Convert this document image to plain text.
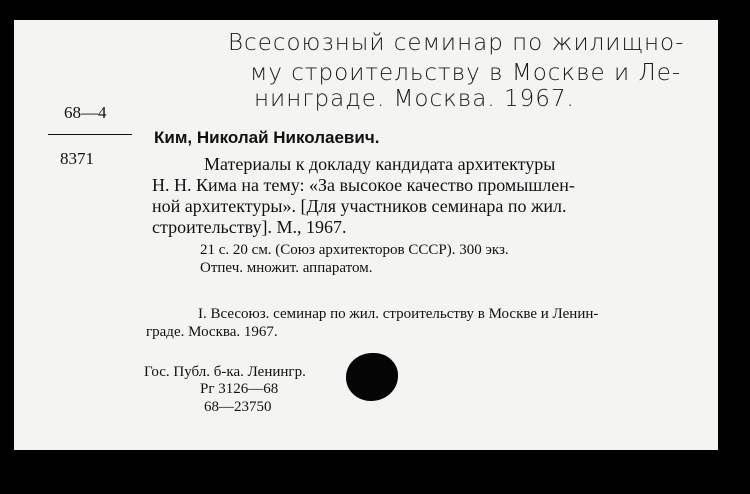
Всесоюзный семинар по жилищно-
му строительству в Москве и Ле-
нинграде. Москва. 1967.
68—4
8371
Ким, Николай Николаевич.
Материалы к докладу кандидата архитектуры
Н. Н. Кима на тему: «За высокое качество промышлен-
ной архитектуры». [Для участников семинара по жил.
строительству]. М., 1967.
21 с. 20 см. (Союз архитекторов СССР). 300 экз.
Отпеч. множит. аппаратом.
I. Всесоюз. семинар по жил. строительству в Москве и Ленин-
граде. Москва. 1967.
Гос. Публ. б-ка. Ленингр.
Рг 3126—68
68—23750
